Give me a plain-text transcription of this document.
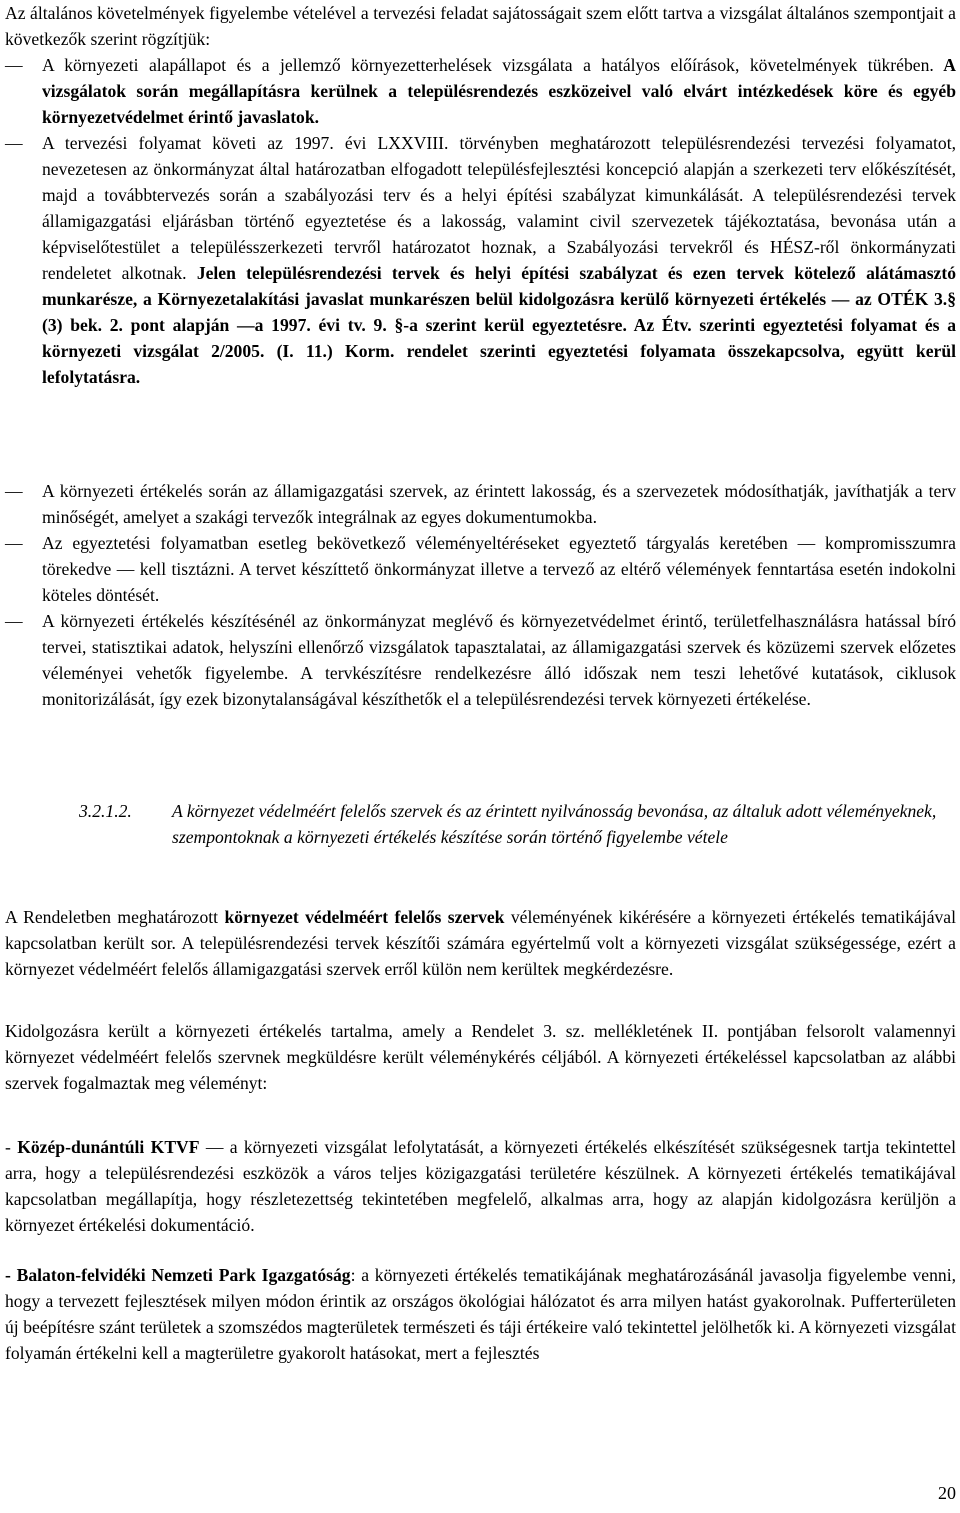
Az általános követelmények figyelembe vételével a tervezési feladat sajátosságait szem előtt tartva a vizsgálat általános szempontjait a következők szerint rögzítjük:
—	A környezeti alapállapot és a jellemző környezetterhelések vizsgálata a hatályos előírások, követelmények tükrében. A vizsgálatok során megállapításra kerülnek a településrendezés eszközeivel való elvárt intézkedések köre és egyéb környezetvédelmet érintő javaslatok.
—	A tervezési folyamat követi az 1997. évi LXXVIII. törvényben meghatározott településrendezési tervezési folyamatot, nevezetesen az önkormányzat által határozatban elfogadott településfejlesztési koncepció alapján a szerkezeti terv előkészítését, majd a továbbtervezés során a szabályozási terv és a helyi építési szabályzat kimunkálását. A településrendezési tervek államigazgatási eljárásban történő egyeztetése és a lakosság, valamint civil szervezetek tájékoztatása, bevonása után a képviselőtestület a településszerkezeti tervről határozatot hoznak, a Szabályozási tervekről és HÉSZ-ről önkormányzati rendeletet alkotnak. Jelen településrendezési tervek és helyi építési szabályzat és ezen tervek kötelező alátámasztó munkarésze, a Környezetalakítási javaslat munkarészen belül kidolgozásra kerülő környezeti értékelés — az OTÉK 3.§ (3) bek. 2. pont alapján —a 1997. évi tv. 9. §-a szerint kerül egyeztetésre. Az Étv. szerinti egyeztetési folyamat és a környezeti vizsgálat 2/2005. (I. 11.) Korm. rendelet szerinti egyeztetési folyamata összekapcsolva, együtt kerül lefolytatásra.
—	A környezeti értékelés során az államigazgatási szervek, az érintett lakosság, és a szervezetek módosíthatják, javíthatják a terv minőségét, amelyet a szakági tervezők integrálnak az egyes dokumentumokba.
—	Az egyeztetési folyamatban esetleg bekövetkező véleményeltéréseket egyeztető tárgyalás keretében — kompromisszumra törekedve — kell tisztázni. A tervet készíttető önkormányzat illetve a tervező az eltérő vélemények fenntartása esetén indokolni köteles döntését.
—	A környezeti értékelés készítésénél az önkormányzat meglévő és környezetvédelmet érintő, területfelhasználásra hatással bíró tervei, statisztikai adatok, helyszíni ellenőrző vizsgálatok tapasztalatai, az államigazgatási szervek és közüzemi szervek előzetes véleményei vehetők figyelembe. A tervkészítésre rendelkezésre álló időszak nem teszi lehetővé kutatások, ciklusok monitorizálását, így ezek bizonytalanságával készíthetők el a településrendezési tervek környezeti értékelése.
3.2.1.2. A környezet védelméért felelős szervek és az érintett nyilvánosság bevonása, az általuk adott véleményeknek, szempontoknak a környezeti értékelés készítése során történő figyelembe vétele
A Rendeletben meghatározott környezet védelméért felelős szervek véleményének kikérésére a környezeti értékelés tematikájával kapcsolatban került sor. A településrendezési tervek készítői számára egyértelmű volt a környezeti vizsgálat szükségessége, ezért a környezet védelméért felelős államigazgatási szervek erről külön nem kerültek megkérdezésre.
Kidolgozásra került a környezeti értékelés tartalma, amely a Rendelet 3. sz. mellékletének II. pontjában felsorolt valamennyi környezet védelméért felelős szervnek megküldésre került véleménykérés céljából. A környezeti értékeléssel kapcsolatban az alábbi szervek fogalmaztak meg véleményt:
- Közép-dunántúli KTVF — a környezeti vizsgálat lefolytatását, a környezeti értékelés elkészítését szükségesnek tartja tekintettel arra, hogy a településrendezési eszközök a város teljes közigazgatási területére készülnek. A környezeti értékelés tematikájával kapcsolatban megállapítja, hogy részletezettség tekintetében megfelelő, alkalmas arra, hogy az alapján kidolgozásra kerüljön a környezet értékelési dokumentáció.
- Balaton-felvidéki Nemzeti Park Igazgatóság: a környezeti értékelés tematikájának meghatározásánál javasolja figyelembe venni, hogy a tervezett fejlesztések milyen módon érintik az országos ökológiai hálózatot és arra milyen hatást gyakorolnak. Pufferterületen új beépítésre szánt területek a szomszédos magterületek természeti és táji értékeire való tekintettel jelölhetők ki. A környezeti vizsgálat folyamán értékelni kell a magterületre gyakorolt hatásokat, mert a fejlesztés
20
